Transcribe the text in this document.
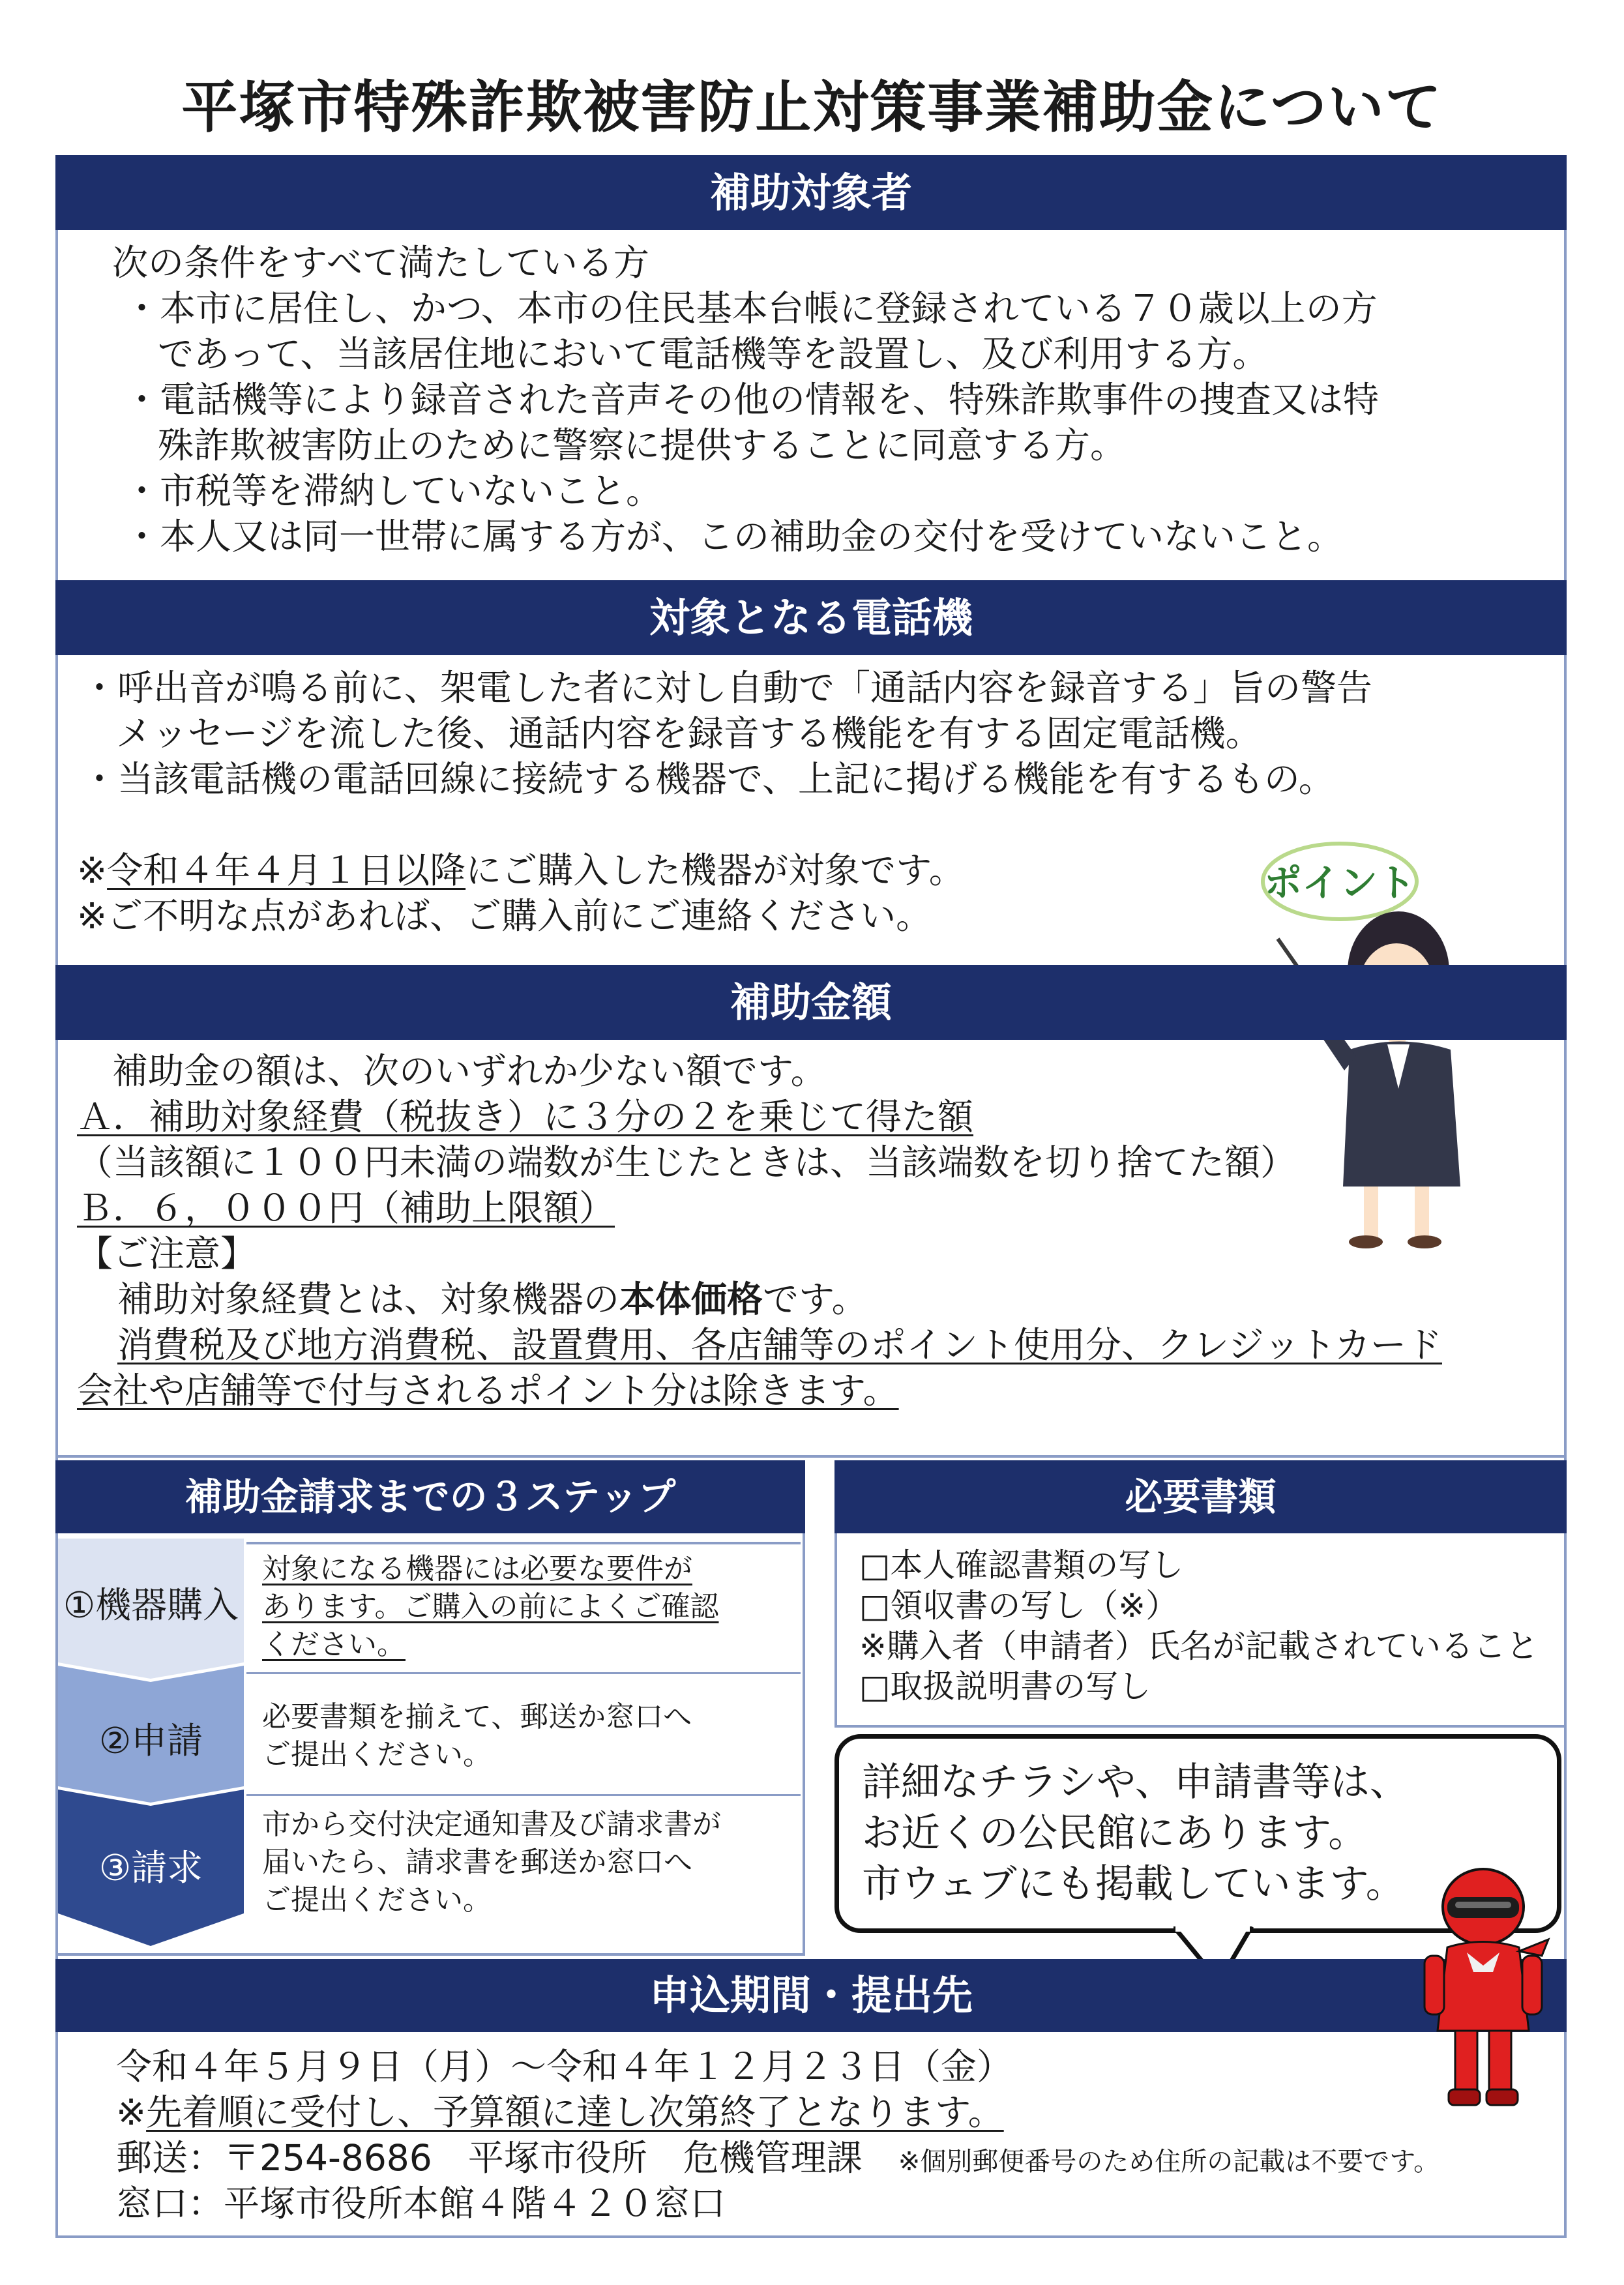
平塚市特殊詐欺被害防止対策事業補助金について
補助対象者
次の条件をすべて満たしている方
・本市に居住し、かつ、本市の住民基本台帳に登録されている７０歳以上の方
であって、当該居住地において電話機等を設置し、及び利用する方。
・電話機等により録音された音声その他の情報を、特殊詐欺事件の捜査又は特
殊詐欺被害防止のために警察に提供することに同意する方。
・市税等を滞納していないこと。
・本人又は同一世帯に属する方が、この補助金の交付を受けていないこと。
対象となる電話機
・呼出音が鳴る前に、架電した者に対し自動で「通話内容を録音する」旨の警告
メッセージを流した後、通話内容を録音する機能を有する固定電話機。
・当該電話機の電話回線に接続する機器で、上記に掲げる機能を有するもの。
※令和４年４月１日以降にご購入した機器が対象です。
※ご不明な点があれば、ご購入前にご連絡ください。
ポイント
補助金額
補助金の額は、次のいずれか少ない額です。
Ａ．補助対象経費（税抜き）に３分の２を乗じて得た額
（当該額に１００円未満の端数が生じたときは、当該端数を切り捨てた額）
Ｂ．６，０００円（補助上限額）
【ご注意】
補助対象経費とは、対象機器の本体価格です。
消費税及び地方消費税、設置費用、各店舗等のポイント使用分、クレジットカード
会社や店舗等で付与されるポイント分は除きます。
補助金請求までの３ステップ
①機器購入
②申請
③請求
対象になる機器には必要な要件が
あります。ご購入の前によくご確認
ください。
必要書類を揃えて、郵送か窓口へ
ご提出ください。
市から交付決定通知書及び請求書が
届いたら、請求書を郵送か窓口へ
ご提出ください。
必要書類
□本人確認書類の写し
□領収書の写し（※）
※購入者（申請者）氏名が記載されていること
□取扱説明書の写し
詳細なチラシや、申請書等は、
お近くの公民館にあります。
市ウェブにも掲載しています。
申込期間・提出先
令和４年５月９日（月）～令和４年１２月２３日（金）
※先着順に受付し、予算額に達し次第終了となります。
郵送：〒254-8686　平塚市役所　危機管理課 ※個別郵便番号のため住所の記載は不要です。
窓口：平塚市役所本館４階４２０窓口
